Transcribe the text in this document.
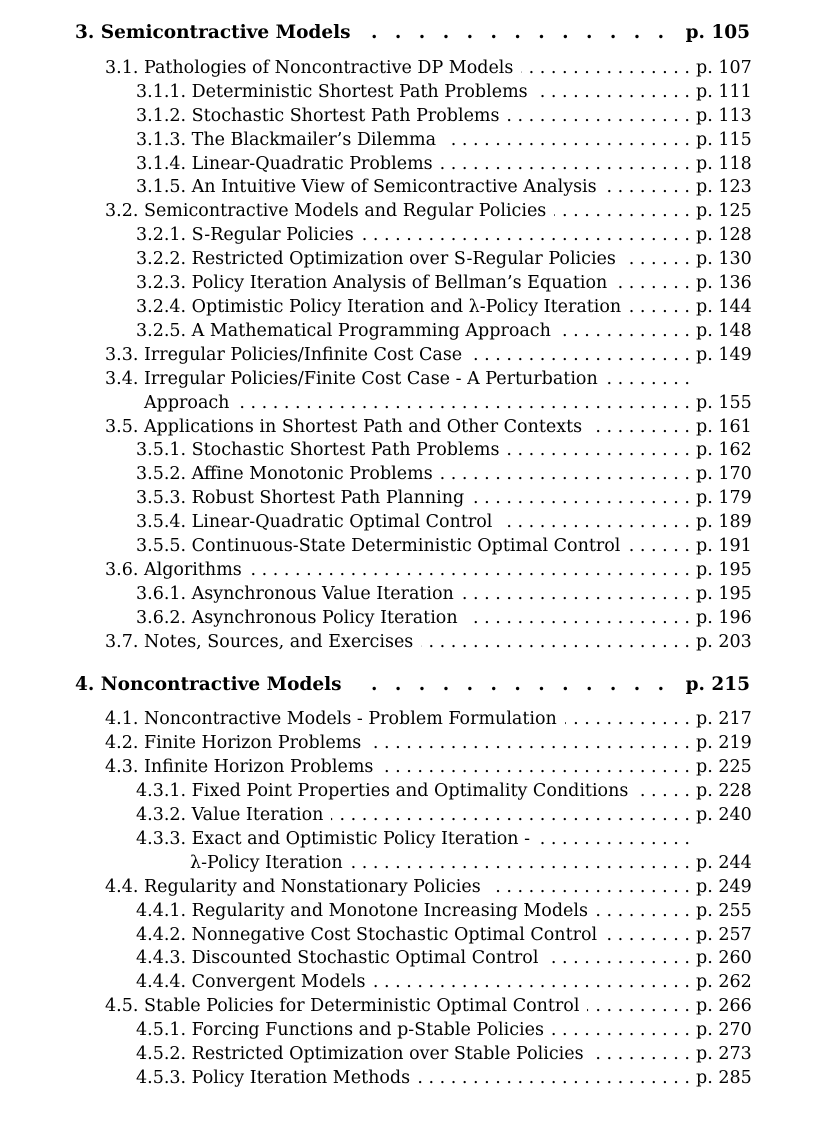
3. Semicontractive Models . . .	p. 105
3.1. Pathologies of Noncontractive DP Models . . .	p. 107
3.1.1. Deterministic Shortest Path Problems . . .	p. 111
3.1.2. Stochastic Shortest Path Problems . . .	p. 113
3.1.3. The Blackmailer’s Dilemma . . .	p. 115
3.1.4. Linear-Quadratic Problems . . .	p. 118
3.1.5. An Intuitive View of Semicontractive Analysis . . .	p. 123
3.2. Semicontractive Models and Regular Policies . . .	p. 125
3.2.1. S-Regular Policies . . .	p. 128
3.2.2. Restricted Optimization over S-Regular Policies . . .	p. 130
3.2.3. Policy Iteration Analysis of Bellman’s Equation . . .	p. 136
3.2.4. Optimistic Policy Iteration and λ-Policy Iteration . . .	p. 144
3.2.5. A Mathematical Programming Approach . . .	p. 148
3.3. Irregular Policies/Infinite Cost Case . . .	p. 149
3.4. Irregular Policies/Finite Cost Case - A Perturbation
. . .
Approach . . .	p. 155
3.5. Applications in Shortest Path and Other Contexts . . .	p. 161
3.5.1. Stochastic Shortest Path Problems . . .	p. 162
3.5.2. Affine Monotonic Problems . . .	p. 170
3.5.3. Robust Shortest Path Planning . . .	p. 179
3.5.4. Linear-Quadratic Optimal Control . . .	p. 189
3.5.5. Continuous-State Deterministic Optimal Control . . .	p. 191
3.6. Algorithms . . .	p. 195
3.6.1. Asynchronous Value Iteration . . .	p. 195
3.6.2. Asynchronous Policy Iteration . . .	p. 196
3.7. Notes, Sources, and Exercises . . .	p. 203
4. Noncontractive Models . . .	p. 215
4.1. Noncontractive Models - Problem Formulation . . .	p. 217
4.2. Finite Horizon Problems . . .	p. 219
4.3. Infinite Horizon Problems . . .	p. 225
4.3.1. Fixed Point Properties and Optimality Conditions . . .	p. 228
4.3.2. Value Iteration . . .	p. 240
4.3.3. Exact and Optimistic Policy Iteration -
. . .
λ-Policy Iteration . . .	p. 244
4.4. Regularity and Nonstationary Policies . . .	p. 249
4.4.1. Regularity and Monotone Increasing Models . . .	p. 255
4.4.2. Nonnegative Cost Stochastic Optimal Control . . .	p. 257
4.4.3. Discounted Stochastic Optimal Control . . .	p. 260
4.4.4. Convergent Models . . .	p. 262
4.5. Stable Policies for Deterministic Optimal Control . . .	p. 266
4.5.1. Forcing Functions and p-Stable Policies . . .	p. 270
4.5.2. Restricted Optimization over Stable Policies . . .	p. 273
4.5.3. Policy Iteration Methods . . .	p. 285
